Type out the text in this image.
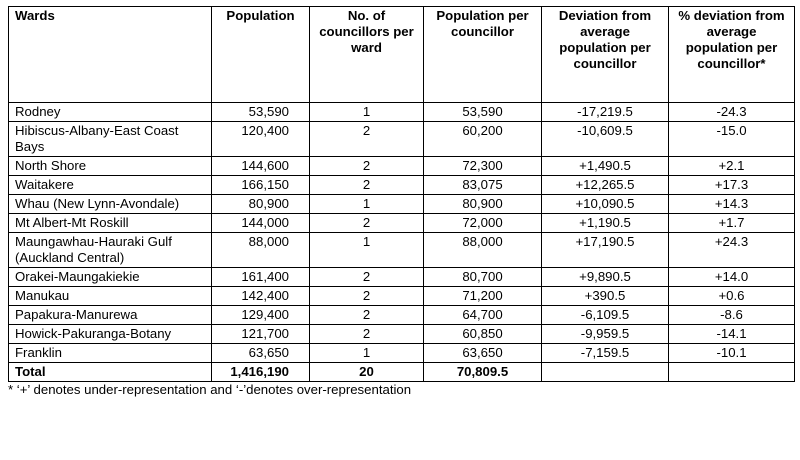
Wards	Population	No. of councillors per ward	Population per councillor	Deviation from average population per councillor	% deviation from average population per councillor*
Rodney	53,590	1	53,590	-17,219.5	-24.3
Hibiscus-Albany-East Coast Bays	120,400	2	60,200	-10,609.5	-15.0
North Shore	144,600	2	72,300	+1,490.5	+2.1
Waitakere	166,150	2	83,075	+12,265.5	+17.3
Whau (New Lynn-Avondale)	80,900	1	80,900	+10,090.5	+14.3
Mt Albert-Mt Roskill	144,000	2	72,000	+1,190.5	+1.7
Maungawhau-Hauraki Gulf (Auckland Central)	88,000	1	88,000	+17,190.5	+24.3
Orakei-Maungakiekie	161,400	2	80,700	+9,890.5	+14.0
Manukau	142,400	2	71,200	+390.5	+0.6
Papakura-Manurewa	129,400	2	64,700	-6,109.5	-8.6
Howick-Pakuranga-Botany	121,700	2	60,850	-9,959.5	-14.1
Franklin	63,650	1	63,650	-7,159.5	-10.1
Total	1,416,190	20	70,809.5		
* ‘+’ denotes under-representation and ‘-’denotes over-representation
